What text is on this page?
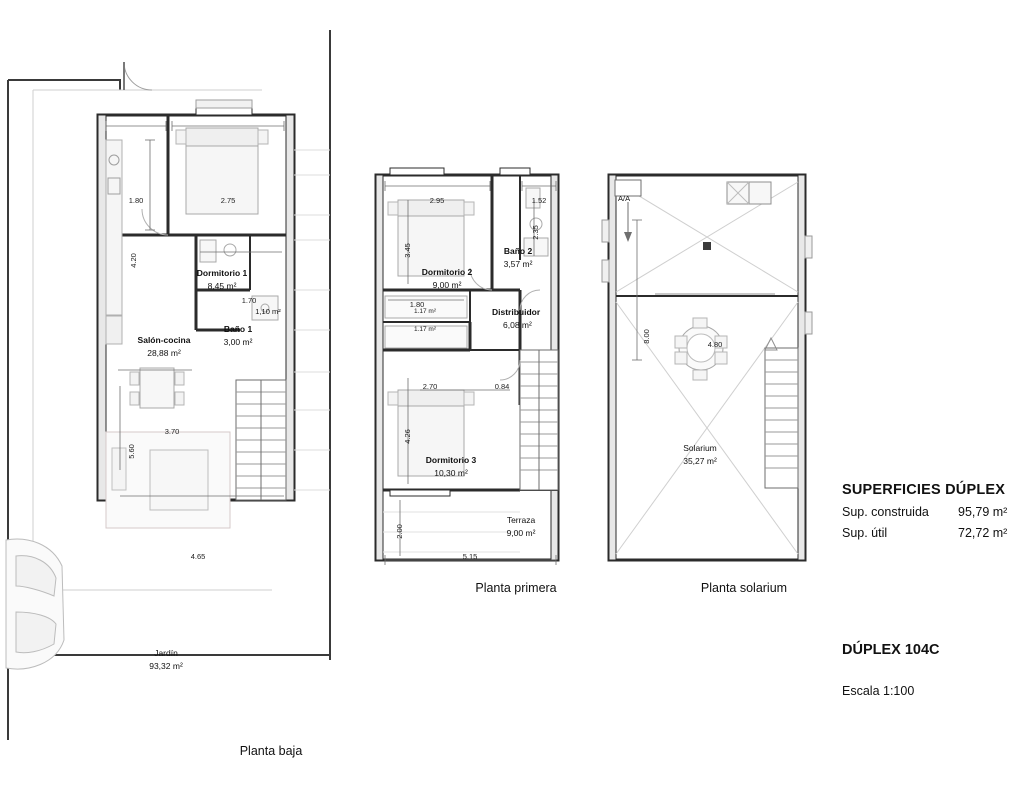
1.80	2.75
4.20
1.70
3.70
5.60
4.65
Dormitorio 1
8,45 m²
Baño 1
3,00 m²
1,10 m²
Salón-cocina
28,88 m²
Jardín
93,32 m²
Planta baja
2.95	1.52
2.35
3.45
1.80
1.17 m²
1.17 m²
2.70	0.84
4.26
2.00
5.15
Dormitorio 2
9,00 m²
Baño 2
3,57 m²
Distribuidor
6,08 m²
Dormitorio 3
10,30 m²
Terraza
9,00 m²
Planta primera
8.00
4.80
A/A
Solarium
35,27 m²
Planta solarium
SUPERFICIES DÚPLEX
Sup. construida	95,79 m²
Sup. útil	72,72 m²
DÚPLEX 104C
Escala 1:100
